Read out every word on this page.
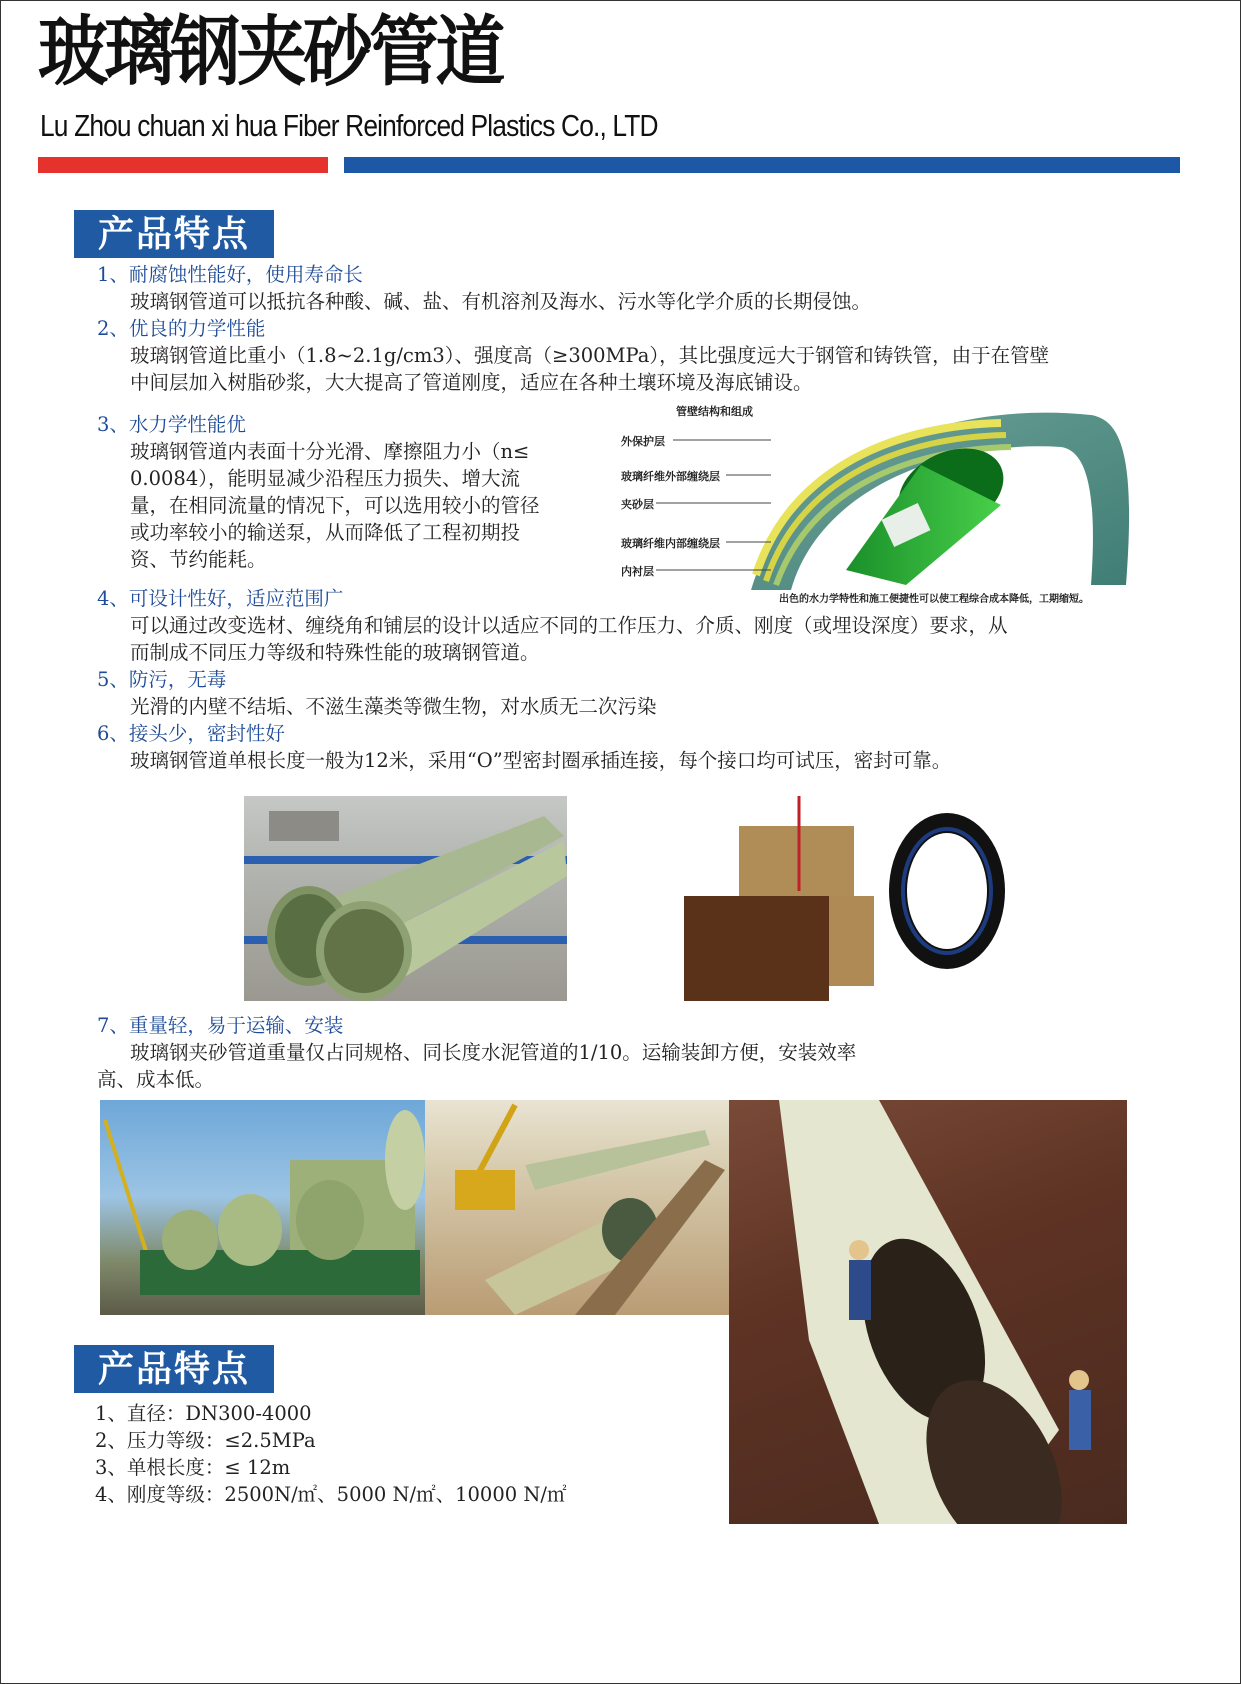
玻璃钢夹砂管道
Lu Zhou chuan xi hua Fiber Reinforced Plastics Co., LTD
产品特点
1、耐腐蚀性能好，使用寿命长
玻璃钢管道可以抵抗各种酸、碱、盐、有机溶剂及海水、污水等化学介质的长期侵蚀。
2、优良的力学性能
玻璃钢管道比重小（1.8~2.1g/cm3）、强度高（≥300MPa），其比强度远大于钢管和铸铁管，由于在管壁
中间层加入树脂砂浆，大大提高了管道刚度，适应在各种土壤环境及海底铺设。
3、水力学性能优
玻璃钢管道内表面十分光滑、摩擦阻力小（n≤
0.0084），能明显减少沿程压力损失、增大流
量，在相同流量的情况下，可以选用较小的管径
或功率较小的输送泵，从而降低了工程初期投
资、节约能耗。
管壁结构和组成
外保护层
玻璃纤维外部缠绕层
夹砂层
玻璃纤维内部缠绕层
内衬层
出色的水力学特性和施工便捷性可以使工程综合成本降低，工期缩短。
4、可设计性好，适应范围广
可以通过改变选材、缠绕角和铺层的设计以适应不同的工作压力、介质、刚度（或埋设深度）要求，从
而制成不同压力等级和特殊性能的玻璃钢管道。
5、防污，无毒
光滑的内壁不结垢、不滋生藻类等微生物，对水质无二次污染
6、接头少，密封性好
玻璃钢管道单根长度一般为12米，采用“O”型密封圈承插连接，每个接口均可试压，密封可靠。
7、重量轻，易于运输、安装
玻璃钢夹砂管道重量仅占同规格、同长度水泥管道的1/10。运输装卸方便，安装效率
高、成本低。
产品特点
1、直径：DN300-4000
2、压力等级：≤2.5MPa
3、单根长度：≤ 12m
4、刚度等级：2500N/㎡、5000 N/㎡、10000 N/㎡
